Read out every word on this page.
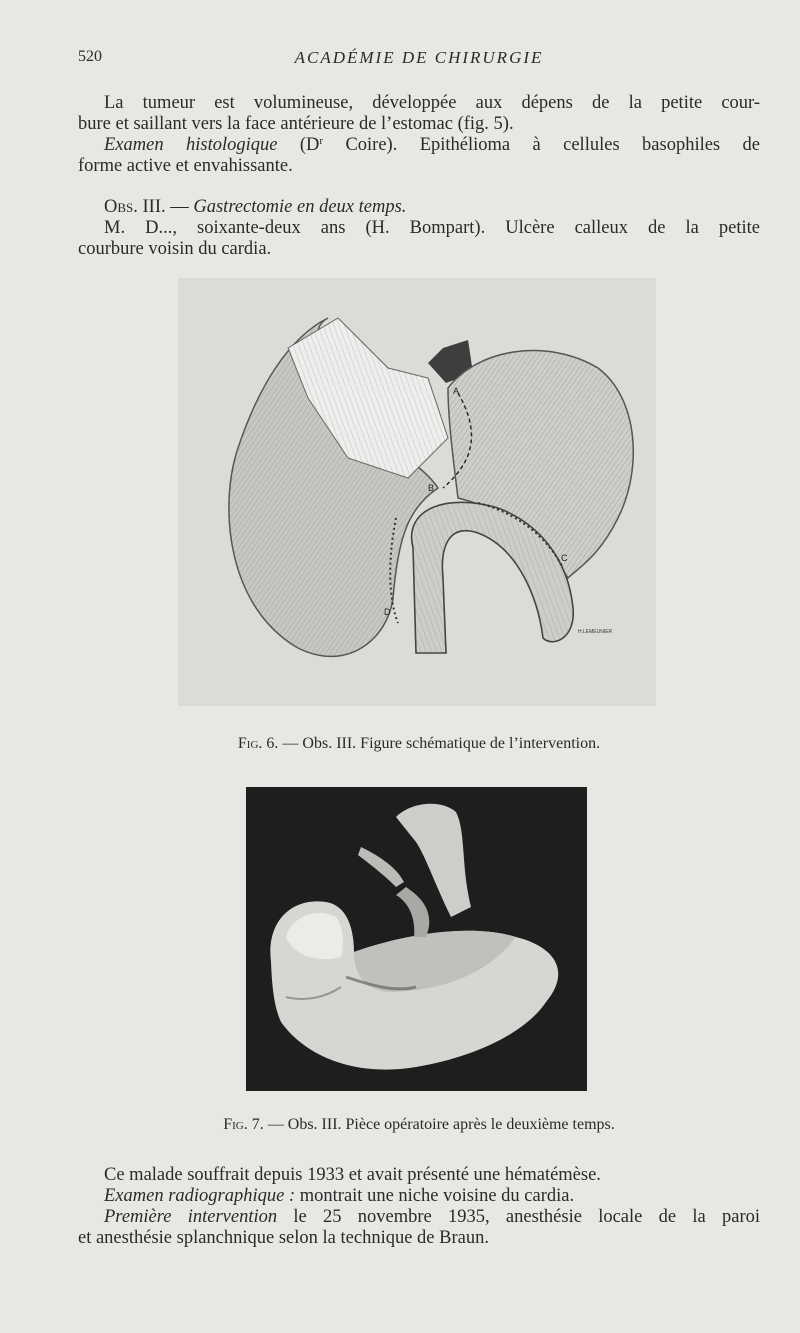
520	ACADÉMIE DE CHIRURGIE
La tumeur est volumineuse, développée aux dépens de la petite cour-
bure et saillant vers la face antérieure de l’estomac (fig. 5).
Examen histologique ($D^r$ Coire). Epithélioma à cellules basophiles de
forme active et envahissante.
Obs. III. — Gastrectomie en deux temps.
M. D..., soixante-deux ans (H. Bompart). Ulcère calleux de la petite
courbure voisin du cardia.
A
B
C
D
H.LEMEUNIER
Fig. 6. — Obs. III. Figure schématique de l’intervention.
Fig. 7. — Obs. III. Pièce opératoire après le deuxième temps.
Ce malade souffrait depuis 1933 et avait présenté une hématémèse.
Examen radiographique : montrait une niche voisine du cardia.
Première intervention le 25 novembre 1935, anesthésie locale de la paroi
et anesthésie splanchnique selon la technique de Braun.
